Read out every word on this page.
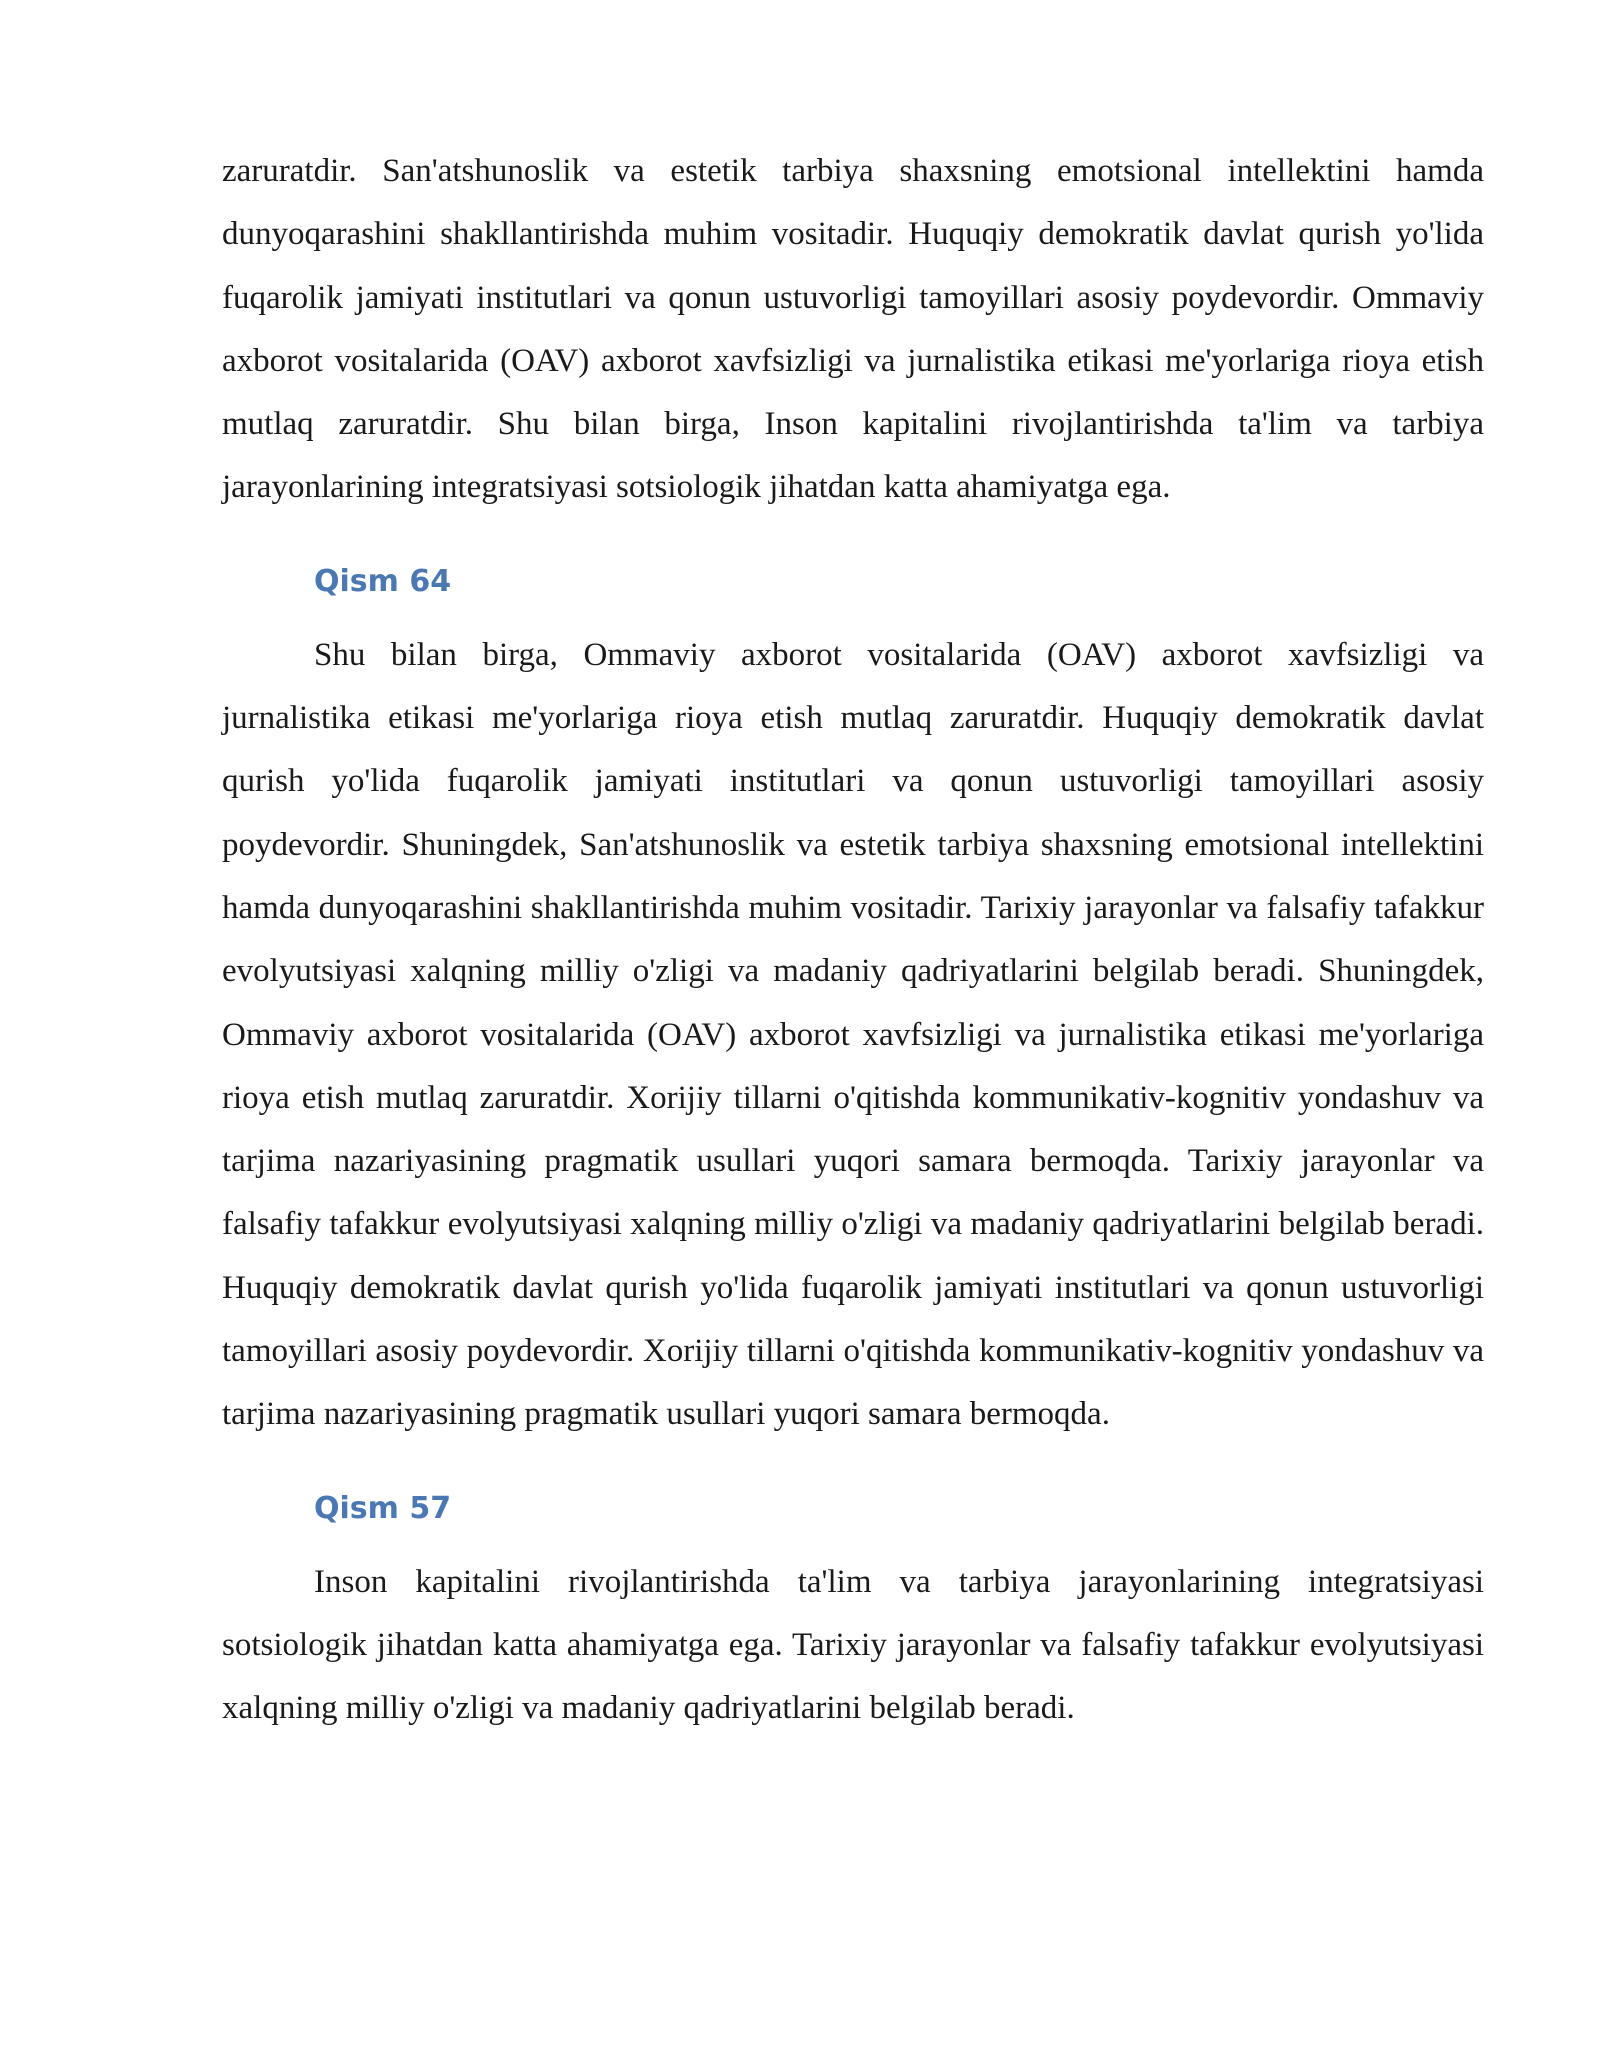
zaruratdir. San'atshunoslik va estetik tarbiya shaxsning emotsional intellektini hamda dunyoqarashini shakllantirishda muhim vositadir. Huquqiy demokratik davlat qurish yo'lida fuqarolik jamiyati institutlari va qonun ustuvorligi tamoyillari asosiy poydevordir. Ommaviy axborot vositalarida (OAV) axborot xavfsizligi va jurnalistika etikasi me'yorlariga rioya etish mutlaq zaruratdir. Shu bilan birga, Inson kapitalini rivojlantirishda ta'lim va tarbiya jarayonlarining integratsiyasi sotsiologik jihatdan katta ahamiyatga ega.

Qism 64

Shu bilan birga, Ommaviy axborot vositalarida (OAV) axborot xavfsizligi va jurnalistika etikasi me'yorlariga rioya etish mutlaq zaruratdir. Huquqiy demokratik davlat qurish yo'lida fuqarolik jamiyati institutlari va qonun ustuvorligi tamoyillari asosiy poydevordir. Shuningdek, San'atshunoslik va estetik tarbiya shaxsning emotsional intellektini hamda dunyoqarashini shakllantirishda muhim vositadir. Tarixiy jarayonlar va falsafiy tafakkur evolyutsiyasi xalqning milliy o'zligi va madaniy qadriyatlarini belgilab beradi. Shuningdek, Ommaviy axborot vositalarida (OAV) axborot xavfsizligi va jurnalistika etikasi me'yorlariga rioya etish mutlaq zaruratdir. Xorijiy tillarni o'qitishda kommunikativ-kognitiv yondashuv va tarjima nazariyasining pragmatik usullari yuqori samara bermoqda. Tarixiy jarayonlar va falsafiy tafakkur evolyutsiyasi xalqning milliy o'zligi va madaniy qadriyatlarini belgilab beradi. Huquqiy demokratik davlat qurish yo'lida fuqarolik jamiyati institutlari va qonun ustuvorligi tamoyillari asosiy poydevordir. Xorijiy tillarni o'qitishda kommunikativ-kognitiv yondashuv va tarjima nazariyasining pragmatik usullari yuqori samara bermoqda.

Qism 57

Inson kapitalini rivojlantirishda ta'lim va tarbiya jarayonlarining integratsiyasi sotsiologik jihatdan katta ahamiyatga ega. Tarixiy jarayonlar va falsafiy tafakkur evolyutsiyasi xalqning milliy o'zligi va madaniy qadriyatlarini belgilab beradi.
